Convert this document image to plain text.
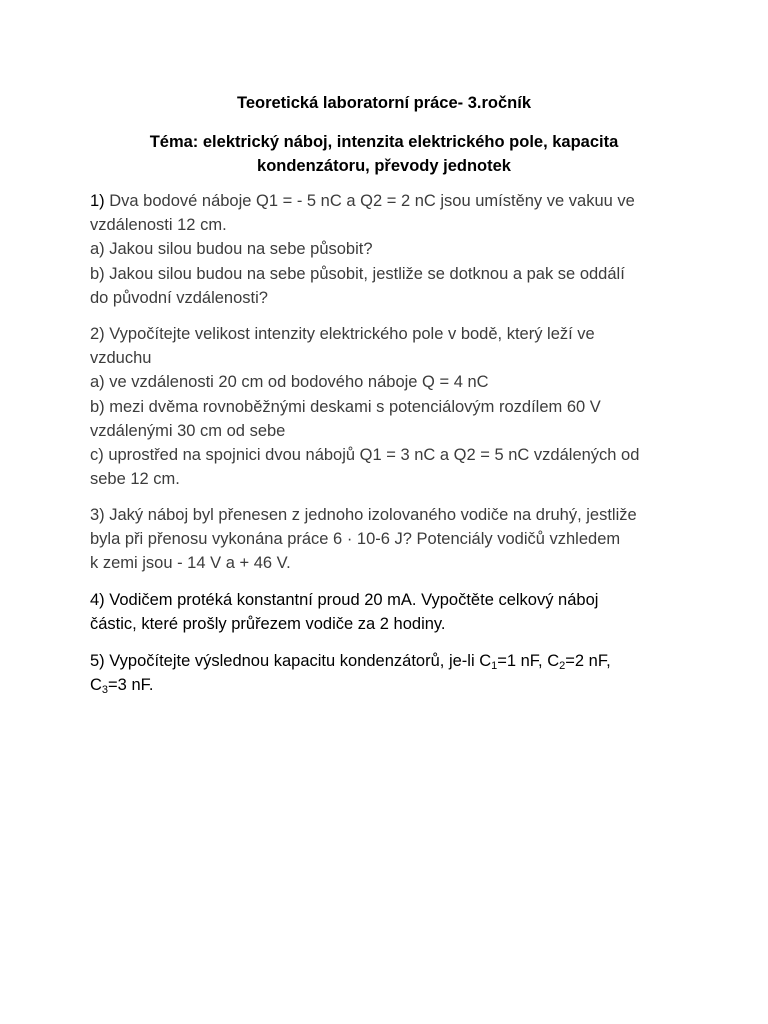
Teoretická laboratorní práce- 3.ročník
Téma: elektrický náboj, intenzita elektrického pole, kapacita
kondenzátoru, převody jednotek
1) Dva bodové náboje Q1 = - 5 nC a Q2 = 2 nC jsou umístěny ve vakuu ve
vzdálenosti 12 cm.
a) Jakou silou budou na sebe působit?
b) Jakou silou budou na sebe působit, jestliže se dotknou a pak se oddálí
do původní vzdálenosti?
2) Vypočítejte velikost intenzity elektrického pole v bodě, který leží ve
vzduchu
a) ve vzdálenosti 20 cm od bodového náboje Q = 4 nC
b) mezi dvěma rovnoběžnými deskami s potenciálovým rozdílem 60 V
vzdálenými 30 cm od sebe
c) uprostřed na spojnici dvou nábojů Q1 = 3 nC a Q2 = 5 nC vzdálených od
sebe 12 cm.
3) Jaký náboj byl přenesen z jednoho izolovaného vodiče na druhý, jestliže
byla při přenosu vykonána práce 6 · 10-6 J? Potenciály vodičů vzhledem
k zemi jsou - 14 V a + 46 V.
4) Vodičem protéká konstantní proud 20 mA. Vypočtěte celkový náboj
částic, které prošly průřezem vodiče za 2 hodiny.
5) Vypočítejte výslednou kapacitu kondenzátorů, je-li $C_1=1$ nF, $C_2=2$ nF,
$C_3=3$ nF.
